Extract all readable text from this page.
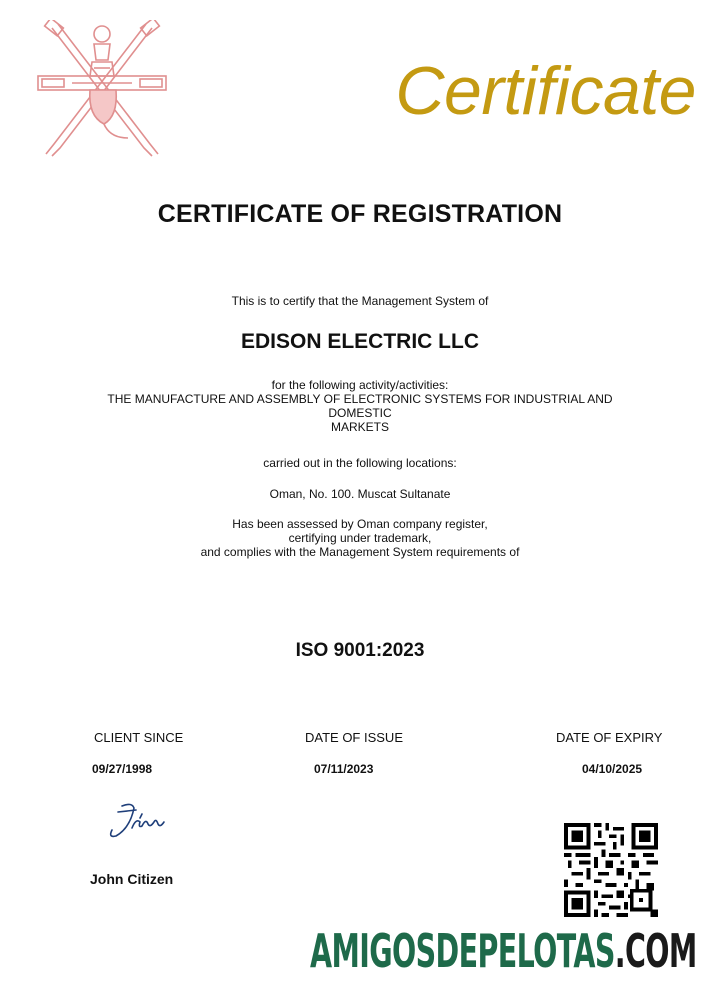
Certificate
CERTIFICATE OF REGISTRATION
This is to certify that the Management System of
EDISON ELECTRIC LLC
for the following activity/activities:
THE MANUFACTURE AND ASSEMBLY OF ELECTRONIC SYSTEMS FOR INDUSTRIAL AND
DOMESTIC
MARKETS
carried out in the following locations:
Oman, No. 100. Muscat Sultanate
Has been assessed by Oman company register,
certifying under trademark,
and complies with the Management System requirements of
ISO 9001:2023
CLIENT SINCE	DATE OF ISSUE	DATE OF EXPIRY
09/27/1998	07/11/2023	04/10/2025
John Citizen
AMIGOSDEPELOTAS.COM
